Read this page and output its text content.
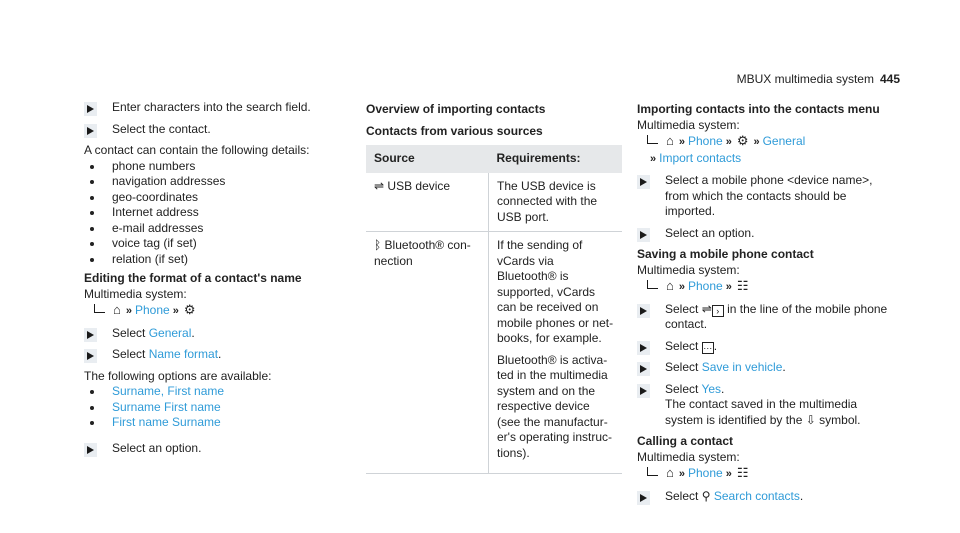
MBUX multimedia system 445
Enter characters into the search field.
Select the contact.

A contact can contain the following details:

phone numbers
navigation addresses
geo-coordinates
Internet address
e-mail addresses
voice tag (if set)
relation (if set)
Editing the format of a contact's name
Multimedia system:
⌂ » Phone » ⚙
Select General.
Select Name format.
The following options are available:
Surname, First name
Surname First name
First name Surname
Select an option.
Overview of importing contacts
Contacts from various sources
Source	Requirements:
⇌ USB device	The USB device is connected with the USB port.
ᛒ Bluetooth® con-nection	If the sending of vCards via Bluetooth® is supported, vCards can be received on mobile phones or net-books, for example.

Bluetooth® is activa-ted in the multimedia system and on the respective device (see the manufactur-er's operating instruc-tions).

Importing contacts into the contacts menu
Multimedia system:
⌂ » Phone » ⚙ » General
» Import contacts
Select a mobile phone <device name>, from which the contacts should be imported.
Select an option.
Saving a mobile phone contact
Multimedia system:
⌂ » Phone » ☷
Select ⇌ › in the line of the mobile phone contact.
Select ⋯ .
Select Save in vehicle.
Select Yes.
The contact saved in the multimedia system is identified by the ⇩ symbol.
Calling a contact
Multimedia system:
⌂ » Phone » ☷
Select ⚲ Search contacts.
